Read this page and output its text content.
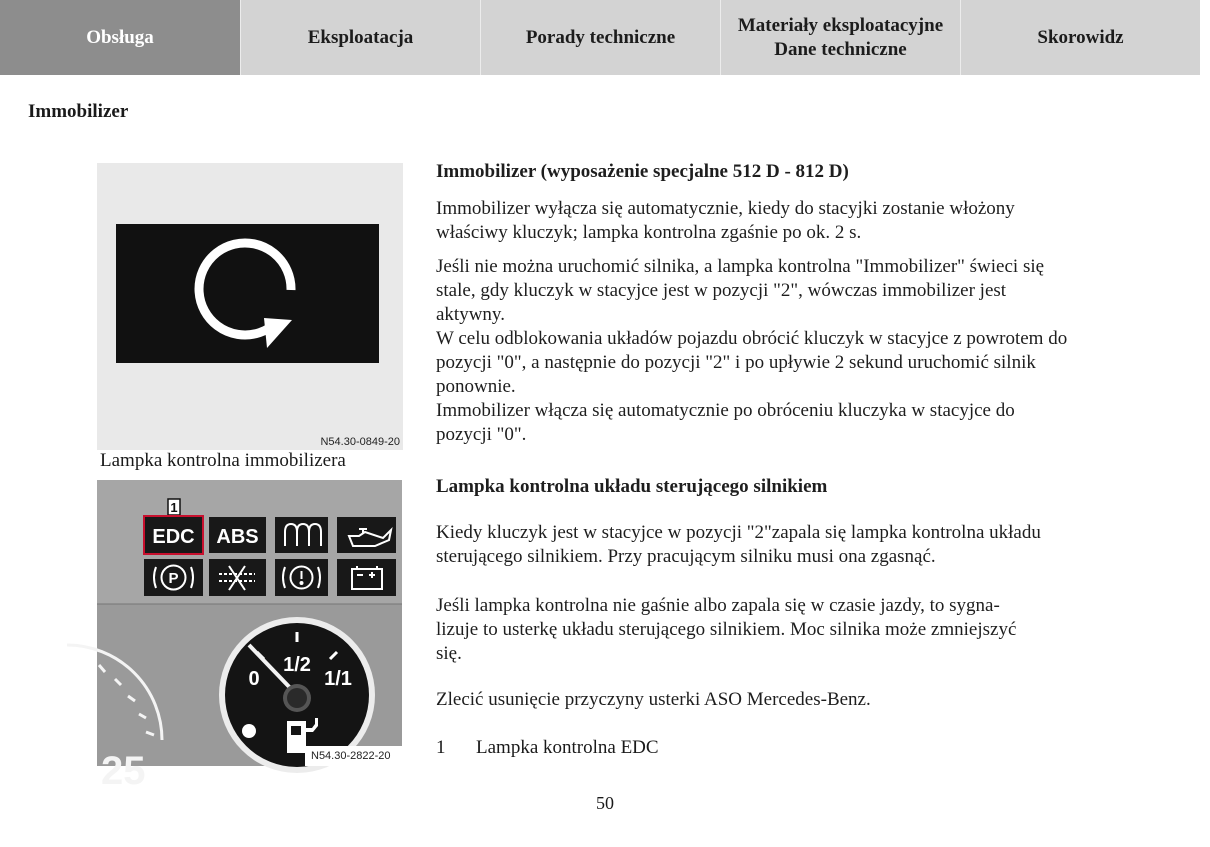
Obsługa	Eksploatacja	Porady techniczne
Materiały eksploatacyjne
Dane techniczne
Skorowidz
Immobilizer
N54.30-0849-20
Lampka kontrolna immobilizera
1
EDC ABS
P
25
0
1/2
1/1
N54.30-2822-20

Immobilizer (wyposażenie specjalne 512 D - 812 D)

Immobilizer wyłącza się automatycznie, kiedy do stacyjki zostanie włożony właściwy kluczyk; lampka kontrolna zgaśnie po ok. 2 s.

Jeśli nie można uruchomić silnika, a lampka kontrolna "Immobilizer" świeci się stale, gdy kluczyk w stacyjce jest w pozycji "2", wówczas immobilizer jest aktywny.

W celu odblokowania układów pojazdu obrócić kluczyk w stacyjce z powrotem do pozycji "0", a następnie do pozycji "2" i po upływie 2 sekund uruchomić silnik ponownie.

Immobilizer włącza się automatycznie po obróceniu kluczyka w stacyjce do pozycji "0".

Lampka kontrolna układu sterującego silnikiem

Kiedy kluczyk jest w stacyjce w pozycji "2"zapala się lampka kontrolna układu sterującego silnikiem. Przy pracującym silniku musi ona zgasnąć.

Jeśli lampka kontrolna nie gaśnie albo zapala się w czasie jazdy, to sygna-lizuje to usterkę układu sterującego silnikiem. Moc silnika może zmniejszyć się.

Zlecić usunięcie przyczyny usterki ASO Mercedes-Benz.

1 Lampka kontrolna EDC
50
